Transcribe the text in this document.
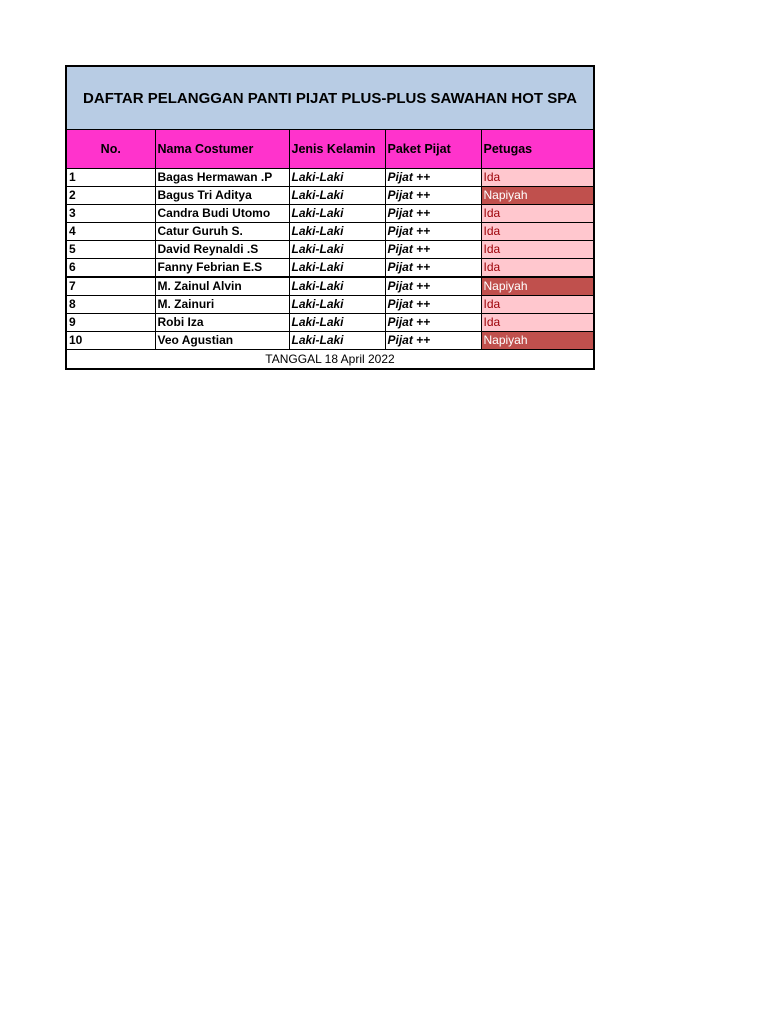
DAFTAR PELANGGAN PANTI PIJAT PLUS-PLUS SAWAHAN HOT SPA
No.	Nama Costumer	Jenis Kelamin	Paket Pijat	Petugas
1	Bagas Hermawan .P	Laki-Laki	Pijat ++	Ida
2	Bagus Tri Aditya	Laki-Laki	Pijat ++	Napiyah
3	Candra Budi Utomo	Laki-Laki	Pijat ++	Ida
4	Catur Guruh S.	Laki-Laki	Pijat ++	Ida
5	David Reynaldi .S	Laki-Laki	Pijat ++	Ida
6	Fanny Febrian E.S	Laki-Laki	Pijat ++	Ida
7	M. Zainul Alvin	Laki-Laki	Pijat ++	Napiyah
8	M. Zainuri	Laki-Laki	Pijat ++	Ida
9	Robi Iza	Laki-Laki	Pijat ++	Ida
10	Veo Agustian	Laki-Laki	Pijat ++	Napiyah
TANGGAL 18 April 2022
